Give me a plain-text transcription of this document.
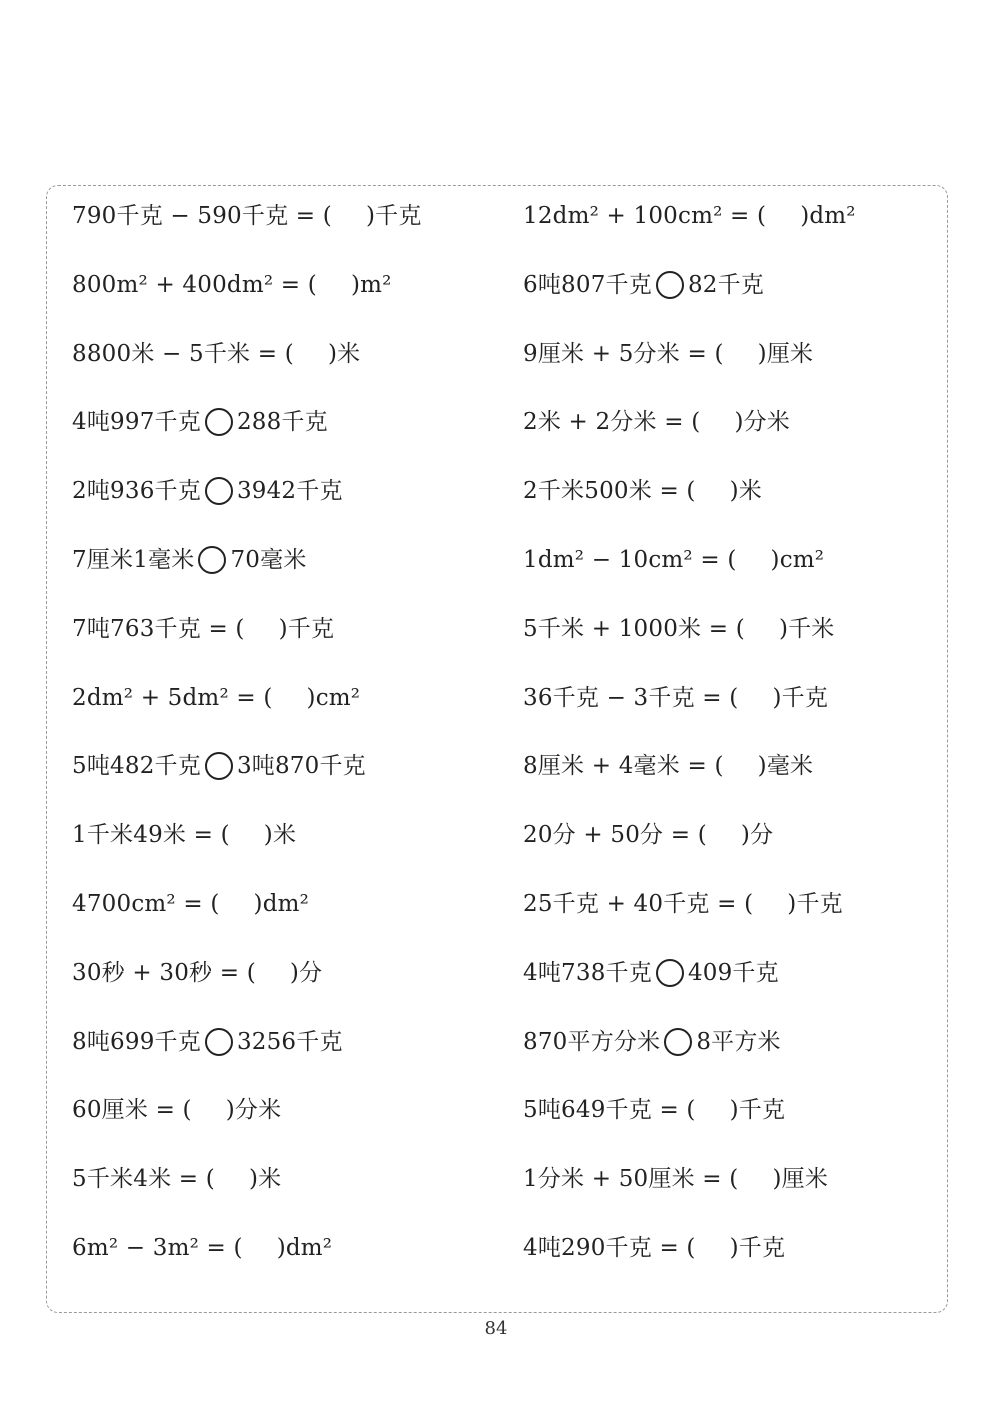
790千克 − 590千克 = ( )千克
800m² + 400dm² = ( )m²
8800米 − 5千米 = ( )米
4吨997千克 288千克
2吨936千克 3942千克
7厘米1毫米 70毫米
7吨763千克 = ( )千克
2dm² + 5dm² = ( )cm²
5吨482千克 3吨870千克
1千米49米 = ( )米
4700cm² = ( )dm²
30秒 + 30秒 = ( )分
8吨699千克 3256千克
60厘米 = ( )分米
5千米4米 = ( )米
6m² − 3m² = ( )dm²
12dm² + 100cm² = ( )dm²
6吨807千克 82千克
9厘米 + 5分米 = ( )厘米
2米 + 2分米 = ( )分米
2千米500米 = ( )米
1dm² − 10cm² = ( )cm²
5千米 + 1000米 = ( )千米
36千克 − 3千克 = ( )千克
8厘米 + 4毫米 = ( )毫米
20分 + 50分 = ( )分
25千克 + 40千克 = ( )千克
4吨738千克 409千克
870平方分米 8平方米
5吨649千克 = ( )千克
1分米 + 50厘米 = ( )厘米
4吨290千克 = ( )千克
84
